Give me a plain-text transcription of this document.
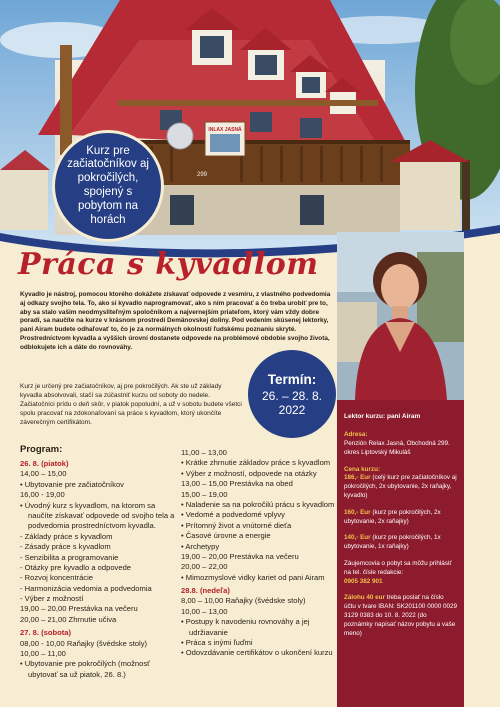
INLAX JASNÁ
299
Kurz pre začiatočníkov aj pokročilých, spojený s pobytom na horách
Práca s kyvadlom

Kyvadlo je nástroj, pomocou ktorého dokážete získavať odpovede z vesmíru, z vlastného podvedomia aj odkazy svojho tela. To, ako si kyvadlo naprogramovať, ako s ním pracovať a čo treba urobiť pre to, aby sa stalo vašim neodmysliteľným spoločníkom a najvernejším priateľom, ktorý vám vždy dobre poradí, sa naučíte na kurze v krásnom prostredí Demänovskej doliny. Pod vedením skúsenej lektorky, pani Airam budete odhaľovať to, čo je za normálnych okolností ľudskému poznaniu skryté. Prostredníctvom kyvadla a vyšších úrovní dostanete odpovede na problémové obdobie svojho života, odblokujete ich a dáte do rovnováhy.

Kurz je určený pre začiatočníkov, aj pre pokročilých. Ak ste už základy kyvadla absolvovali, stačí sa zúčastniť kurzu od soboty do nedele. Začiatočníci prídu o deň skôr, v piatok popoludní, a už v sobotu budete všetci spolu pracovať na zdokonaľovaní sa práce s kyvadlom, ktorý ukončíte záverečným certifikátom.

Termín:
26. – 28. 8.
2022
Program:
26. 8. (piatok)
14,00 – 15,00
• Ubytovanie pre začiatočníkov
16,00 - 19,00
• Úvodný kurz s kyvadlom, na ktorom sa naučíte získavať odpovede od svojho tela a podvedomia prostredníctvom kyvadla.
- Základy práce s kyvadlom
- Zásady práce s kyvadlom
- Senzibilita a programovanie
- Otázky pre kyvadlo a odpovede
- Rozvoj koncentrácie
- Harmonizácia vedomia a podvedomia
- Výber z možností
19,00 – 20,00 Prestávka na večeru
20,00 – 21,00 Zhrnutie učiva
27. 8. (sobota)
08,00 - 10,00 Raňajky (švédske stoly)
10,00 – 11,00
• Ubytovanie pre pokročilých (možnosť ubytovať sa už piatok, 26. 8.)
11,00 – 13,00
• Krátke zhrnutie základov práce s kyvadlom
• Výber z možností, odpovede na otázky
13,00 – 15,00 Prestávka na obed
15,00 – 19,00
• Naladenie sa na pokročilú prácu s kyvadlom
• Vedomé a podvedomé vplyvy
• Prítomný život a vnútorné dieťa
• Časové úrovne a energie
• Archetypy
19,00 – 20,00 Prestávka na večeru
20,00 – 22,00
• Mimozmyslové vidky kariet od pani Airam
28.8. (nedeľa)
8,00 – 10,00 Raňajky (švédske stoly)
10,00 – 13,00
• Postupy k navodeniu rovnováhy a jej udržiavanie
• Práca s inými ľuďmi
• Odovzdávanie certifikátov o ukončení kurzu
Lektor kurzu: pani Airam
Adresa:
Penzión Relax Jasná, Obchodná 299. okres Liptovský Mikuláš
Cena kurzu:
186,- Eur (celý kurz pre začiatočníkov aj pokročilých, 2x ubytovanie, 2x raňajky, kyvadlo)
160,- Eur (kurz pre pokročilých, 2x ubytovanie, 2x raňajky)
140,- Eur (kurz pre pokročilých, 1x ubytovanie, 1x raňajky)
Záujemcovia o pobyt sa môžu prihlásiť na tel. čísle redakcie:
0905 382 901
Zálohu 40 eur treba poslať na číslo účtu v tvare IBAN: SK201100 0000 0029 3129 0383 do 10. 8. 2022 (do poznámky napísať názov pobytu a vaše meno)
